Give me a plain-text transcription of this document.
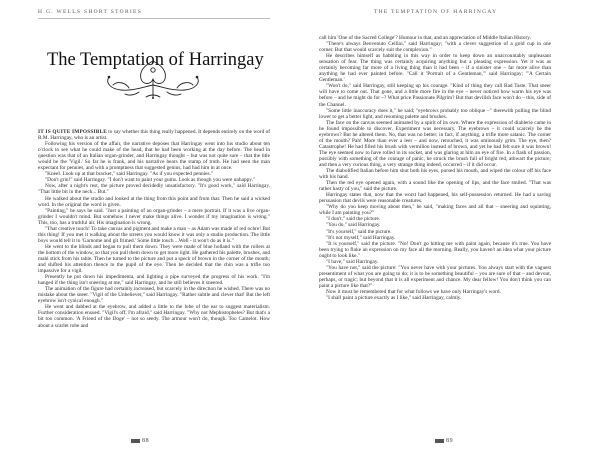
H.G. WELLS SHORT STORIES
The Temptation of Harringay

IT IS QUITE IMPOSSIBLE to say whether this thing really happened. It depends entirely on the word of R.M. Harringay, who is an artist.

Following his version of the affair, the narrative deposes that Harringay went into his studio about ten o'clock to see what he could make of the head, that he had been working at the day before. The head in question was that of an Italian organ-grinder, and Harringay thought – but was not quite sure – that the title would be the 'Vigil.' So far he is frank, and his narrative bears the stamp of truth. He had seen the man expectant for pennies, and with a promptness that suggested genius, had had him in at once.

"Kneel. Look up at that bracket," said Harringay. "As if you expected pennies."

"Don't grin!" said Harringay. "I don't want to paint your gums. Look as though you were unhappy."

Now, after a night's rest, the picture proved decidedly unsatisfactory. "It's good work," said Harringay. "That little bit in the neck... But."

He walked about the studio and looked at the thing from this point and from that. Then he said a wicked word. In the original the word is given.

"Painting," he says he said. "Just a painting of an organ-grinder – a mere portrait. If it was a live organ-grinder I wouldn't mind. But somehow I never make things alive. I wonder if my imagination is wrong." This, too, has a truthful air. His imagination is wrong.

"That creative touch! To take canvas and pigment and make a man – as Adam was made of red ochre! But this thing! If you met it walking about the streets you would know it was only a studio production. The little boys would tell it to 'Garnome and git frimed.' Some little touch ...Well - it won't do as it is."

He went to the blinds and began to pull them down. They were made of blue holland with the rollers at the bottom of the window, so that you pull them down to get more light. He gathered his palette, brushes, and mahl stick from his table. Then he turned to the picture and put a speck of brown in the corner of the mouth; and shifted his attention thence to the pupil of the eye. Then he decided that the chin was a trifle too impassive for a vigil.

Presently he put down his impedimenta, and lighting a pipe surveyed the progress of his work. "I'm hanged if the thing isn't sneering at me," said Harringay, and he still believes it sneered.

The animation of the figure had certainly increased, but scarcely in the direction he wished. There was no mistake about the sneer. "Vigil of the Unbeliever," said Harringay. "Rather subtle and clever that! But the left eyebrow isn't cynical enough."

He went and dabbed at the eyebrow, and added a little to the lobe of the ear to suggest materialism. Further consideration ensued. "Vigil's off, I'm afraid," said Harringay. "Why not Mephistopheles? But that's a bit too common. 'A Friend of the Doge' – not so seedy. The armour won't do, though. Too Camelot. How about a scarlet robe and

88
THE TEMPTATION OF HARRINGAY

call him 'One of the Sacred College'? Humour in that, and an appreciation of Middle Italian History.

"There's always Benvenuto Cellini," said Harringay; "with a clever suggestion of a gold cup in one corner. But that would scarcely suit the complexion."

He describes himself as babbling in this way in order to keep down an unaccountably unpleasant sensation of fear. The thing was certainly acquiring anything but a pleasing expression. Yet it was as certainly becoming far more of a living thing than it had been – if a sinister one – far more alive than anything he had ever painted before. "Call it 'Portrait of a Gentleman,'" said Harringay; "'A Certain Gentleman.'

"Won't do," said Harringay, still keeping up his courage. "Kind of thing they call Bad Taste. That sneer will have to come out. That gone, and a little more fire in the eye – never noticed how warm his eye was before – and he might do for –? What price Passionate Pilgrim? But that devilish face won't do – this, side of the Channel.

"Some little inaccuracy does it," he said; "eyebrows probably too oblique –" therewith pulling the blind lower to get a better light, and resuming palette and brushes.

The face on the canvas seemed animated by a spirit of its own. Where the expression of diablerie came in he found impossible to discover. Experiment was necessary. The eyebrows – it could scarcely be the eyebrows? But he altered them. No, that was no better; in fact, if anything, a trifle more satanic. The corner of the mouth? Pah! More than ever a leer – and now, retouched, it was ominously grim. The eye, then? Catastrophe! He had filled his brush with vermilion instead of brown, and yet he had felt sure it was brown! The eye seemed now to have rolled in its socket, and was glaring at him an eye of fire. In a flash of passion, possibly with something of the courage of panic, he struck the brush full of bright red, athwart the picture; and then a very curious thing, a very strange thing indeed, occurred – if it did occur.

The diabolified Italian before him shut both his eyes, pursed his mouth, and wiped the colour off his face with his hand.

Then the red eye opened again, with a sound like the opening of lips, and the face smiled. "That was rather hasty of you," said the picture.

Harringay states that, now that the worst had happened, his self-possession returned. He had a saving persuasion that devils were reasonable creatures.

"Why do you keep moving about then," he said, "making faces and all that – sneering and squinting, while I am painting you?"

"I don't," said the picture.

"You do," said Harringay.

"It's yourself," said the picture.

"It's not myself," said Harringay.

"It is yourself," said the picture. "No! Don't go hitting me with paint again, because it's true. You have been trying to fluke an expression on my face all the morning. Really, you haven't an idea what your picture ought to look like."

"I have," said Harringay.

"You have not," said the picture: "You never have with your pictures. You always start with the vaguest presentiment of what you are going to do; it is to be something beautiful – you are sure of that – and devout, perhaps, or tragic; but beyond that it is all experiment and chance. My dear fellow! You don't think you can paint a picture like that?"

Now it must be remembered that for what follows we have only Harringay's word.

"I shall paint a picture exactly as I like," said Harringay, calmly.

89
